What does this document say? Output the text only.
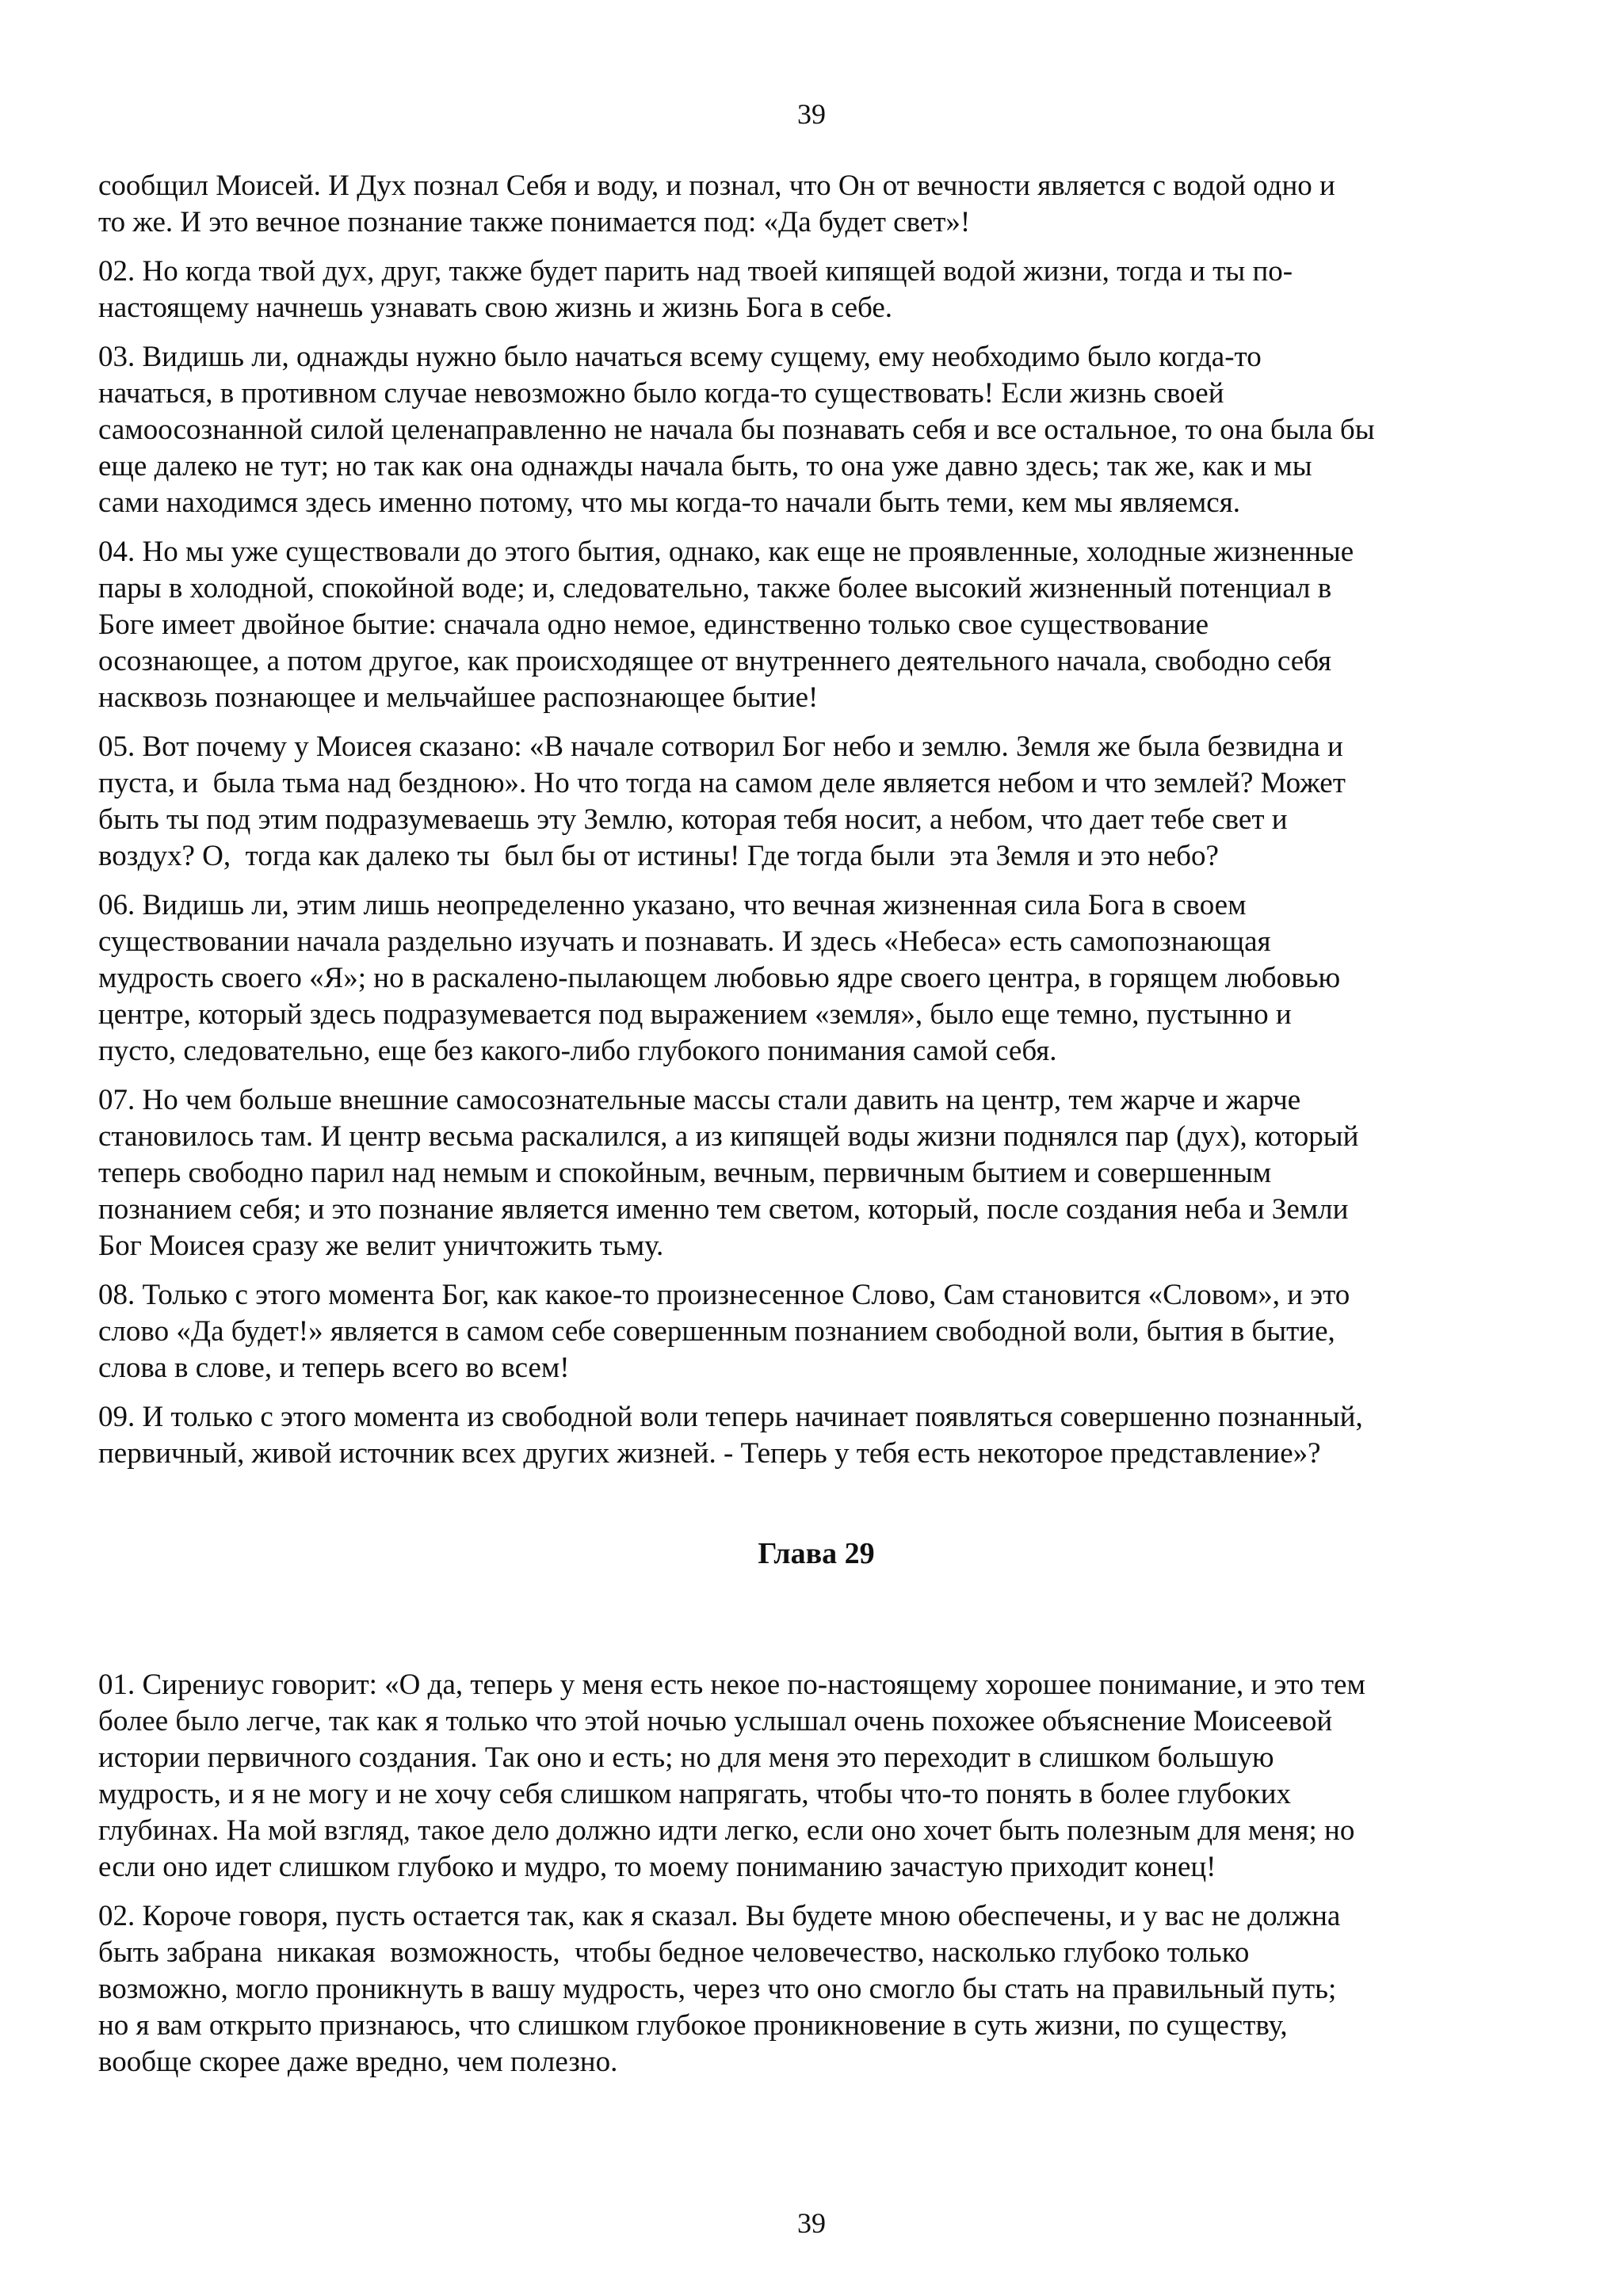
39

сообщил Моисей. И Дух познал Себя и воду, и познал, что Он от вечности является с водой одно и
то же. И это вечное познание также понимается под: «Да будет свет»!

02. Но когда твой дух, друг, также будет парить над твоей кипящей водой жизни, тогда и ты по-
настоящему начнешь узнавать свою жизнь и жизнь Бога в себе.

03. Видишь ли, однажды нужно было начаться всему сущему, ему необходимо было когда-то
начаться, в противном случае невозможно было когда-то существовать! Если жизнь своей
самоосознанной силой целенаправленно не начала бы познавать себя и все остальное, то она была бы
еще далеко не тут; но так как она однажды начала быть, то она уже давно здесь; так же, как и мы
сами находимся здесь именно потому, что мы когда-то начали быть теми, кем мы являемся.

04. Но мы уже существовали до этого бытия, однако, как еще не проявленные, холодные жизненные
пары в холодной, спокойной воде; и, следовательно, также более высокий жизненный потенциал в
Боге имеет двойное бытие: сначала одно немое, единственно только свое существование
осознающее, а потом другое, как происходящее от внутреннего деятельного начала, свободно себя
насквозь познающее и мельчайшее распознающее бытие!

05. Вот почему у Моисея сказано: «В начале сотворил Бог небо и землю. Земля же была безвидна и
пуста, и  была тьма над бездною». Но что тогда на самом деле является небом и что землей? Может
быть ты под этим подразумеваешь эту Землю, которая тебя носит, а небом, что дает тебе свет и
воздух? О,  тогда как далеко ты  был бы от истины! Где тогда были  эта Земля и это небо?

06. Видишь ли, этим лишь неопределенно указано, что вечная жизненная сила Бога в своем
существовании начала раздельно изучать и познавать. И здесь «Небеса» есть самопознающая
мудрость своего «Я»; но в раскалено-пылающем любовью ядре своего центра, в горящем любовью
центре, который здесь подразумевается под выражением «земля», было еще темно, пустынно и
пусто, следовательно, еще без какого-либо глубокого понимания самой себя.

07. Но чем больше внешние самосознательные массы стали давить на центр, тем жарче и жарче
становилось там. И центр весьма раскалился, а из кипящей воды жизни поднялся пар (дух), который
теперь свободно парил над немым и спокойным, вечным, первичным бытием и совершенным
познанием себя; и это познание является именно тем светом, который, после создания неба и Земли
Бог Моисея сразу же велит уничтожить тьму.

08. Только с этого момента Бог, как какое-то произнесенное Слово, Сам становится «Словом», и это
слово «Да будет!» является в самом себе совершенным познанием свободной воли, бытия в бытие,
слова в слове, и теперь всего во всем!

09. И только с этого момента из свободной воли теперь начинает появляться совершенно познанный,
первичный, живой источник всех других жизней. - Теперь у тебя есть некоторое представление»?

Глава 29

01. Сирениус говорит: «О да, теперь у меня есть некое по-настоящему хорошее понимание, и это тем
более было легче, так как я только что этой ночью услышал очень похожее объяснение Моисеевой
истории первичного создания. Так оно и есть; но для меня это переходит в слишком большую
мудрость, и я не могу и не хочу себя слишком напрягать, чтобы что-то понять в более глубоких
глубинах. На мой взгляд, такое дело должно идти легко, если оно хочет быть полезным для меня; но
если оно идет слишком глубоко и мудро, то моему пониманию зачастую приходит конец!

02. Короче говоря, пусть остается так, как я сказал. Вы будете мною обеспечены, и у вас не должна
быть забрана  никакая  возможность,  чтобы бедное человечество, насколько глубоко только
возможно, могло проникнуть в вашу мудрость, через что оно смогло бы стать на правильный путь;
но я вам открыто признаюсь, что слишком глубокое проникновение в суть жизни, по существу,
вообще скорее даже вредно, чем полезно.

39
